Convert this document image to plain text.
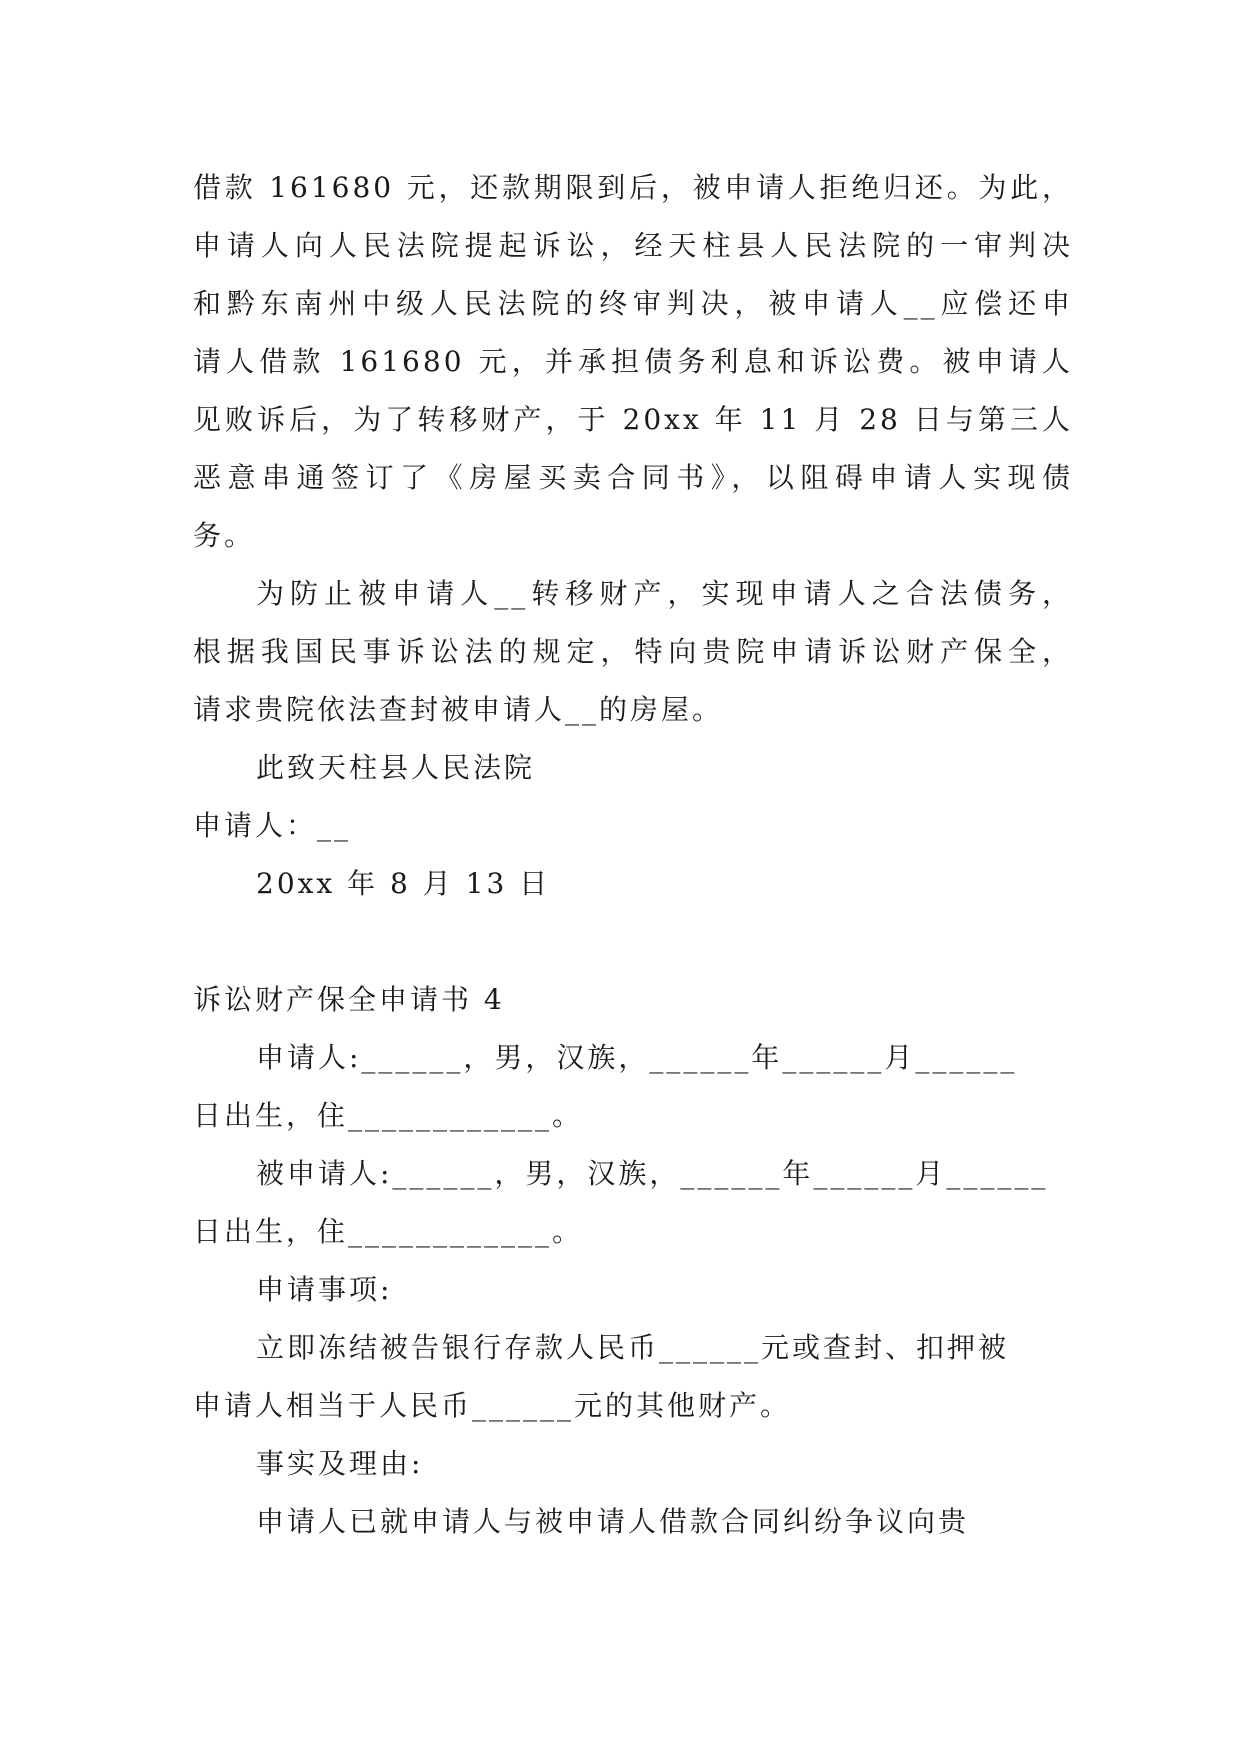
借款 161680 元，还款期限到后，被申请人拒绝归还。为此，
申请人向人民法院提起诉讼，经天柱县人民法院的一审判决
和黔东南州中级人民法院的终审判决，被申请人__应偿还申
请人借款 161680 元，并承担债务利息和诉讼费。被申请人
见败诉后，为了转移财产，于 20xx 年 11 月 28 日与第三人
恶意串通签订了《房屋买卖合同书》，以阻碍申请人实现债
务。
为防止被申请人__转移财产，实现申请人之合法债务，
根据我国民事诉讼法的规定，特向贵院申请诉讼财产保全，
请求贵院依法查封被申请人__的房屋。
此致天柱县人民法院
申请人：__
20xx 年 8 月 13 日
诉讼财产保全申请书 4
申请人:______，男，汉族，______年______月______
日出生，住____________。
被申请人:______，男，汉族，______年______月______
日出生，住____________。
申请事项:
立即冻结被告银行存款人民币______元或查封、扣押被
申请人相当于人民币______元的其他财产。
事实及理由:
申请人已就申请人与被申请人借款合同纠纷争议向贵
